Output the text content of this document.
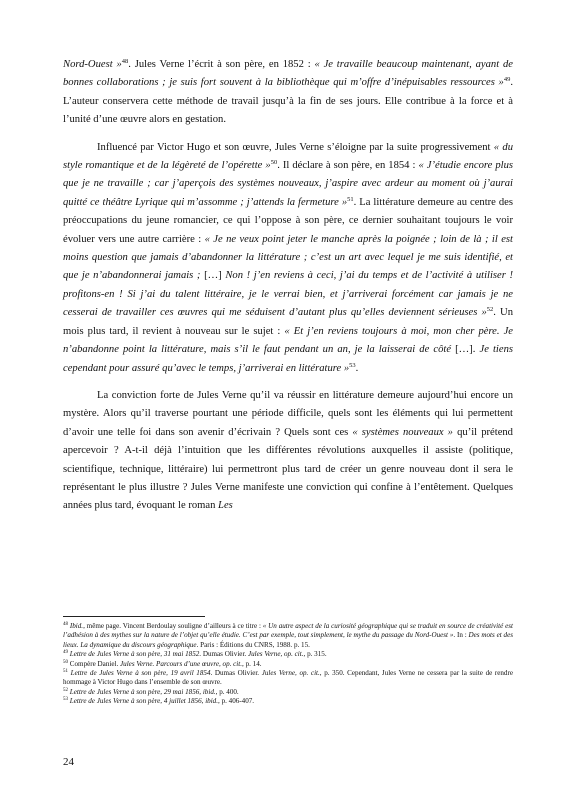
Nord-Ouest »$^{48}$. Jules Verne l’écrit à son père, en 1852 : « Je travaille beaucoup maintenant, ayant de bonnes collaborations ; je suis fort souvent à la bibliothèque qui m’offre d’inépuisables ressources »$^{49}$. L’auteur conservera cette méthode de travail jusqu’à la fin de ses jours. Elle contribue à la force et à l’unité d’une œuvre alors en gestation.

Influencé par Victor Hugo et son œuvre, Jules Verne s’éloigne par la suite progressivement « du style romantique et de la légèreté de l’opérette »$^{50}$. Il déclare à son père, en 1854 : « J’étudie encore plus que je ne travaille ; car j’aperçois des systèmes nouveaux, j’aspire avec ardeur au moment où j’aurai quitté ce théâtre Lyrique qui m’assomme ; j’attends la fermeture »$^{51}$. La littérature demeure au centre des préoccupations du jeune romancier, ce qui l’oppose à son père, ce dernier souhaitant toujours le voir évoluer vers une autre carrière : « Je ne veux point jeter le manche après la poignée ; loin de là ; il est moins question que jamais d’abandonner la littérature ; c’est un art avec lequel je me suis identifié, et que je n’abandonnerai jamais ; […] Non ! j’en reviens à ceci, j’ai du temps et de l’activité à utiliser ! profitons-en ! Si j’ai du talent littéraire, je le verrai bien, et j’arriverai forcément car jamais je ne cesserai de travailler ces œuvres qui me séduisent d’autant plus qu’elles deviennent sérieuses »$^{52}$. Un mois plus tard, il revient à nouveau sur le sujet : « Et j’en reviens toujours à moi, mon cher père. Je n’abandonne point la littérature, mais s’il le faut pendant un an, je la laisserai de côté […]. Je tiens cependant pour assuré qu’avec le temps, j’arriverai en littérature »$^{53}$.

La conviction forte de Jules Verne qu’il va réussir en littérature demeure aujourd’hui encore un mystère. Alors qu’il traverse pourtant une période difficile, quels sont les éléments qui lui permettent d’avoir une telle foi dans son avenir d’écrivain ? Quels sont ces « systèmes nouveaux » qu’il prétend apercevoir ? A-t-il déjà l’intuition que les différentes révolutions auxquelles il assiste (politique, scientifique, technique, littéraire) lui permettront plus tard de créer un genre nouveau dont il sera le représentant le plus illustre ? Jules Verne manifeste une conviction qui confine à l’entêtement. Quelques années plus tard, évoquant le roman Les

$^{48}$ Ibid., même page. Vincent Berdoulay souligne d’ailleurs à ce titre : « Un autre aspect de la curiosité géographique qui se traduit en source de créativité est l’adhésion à des mythes sur la nature de l’objet qu’elle étudie. C’est par exemple, tout simplement, le mythe du passage du Nord-Ouest ». In : Des mots et des lieux. La dynamique du discours géographique. Paris : Éditions du CNRS, 1988. p. 15.

$^{49}$ Lettre de Jules Verne à son père, 31 mai 1852. Dumas Olivier. Jules Verne, op. cit., p. 315.

$^{50}$ Compère Daniel. Jules Verne. Parcours d’une œuvre, op. cit., p. 14.

$^{51}$ Lettre de Jules Verne à son père, 19 avril 1854. Dumas Olivier. Jules Verne, op. cit., p. 350. Cependant, Jules Verne ne cessera par la suite de rendre hommage à Victor Hugo dans l’ensemble de son œuvre.

$^{52}$ Lettre de Jules Verne à son père, 29 mai 1856, ibid., p. 400.

$^{53}$ Lettre de Jules Verne à son père, 4 juillet 1856, ibid., p. 406-407.

24
